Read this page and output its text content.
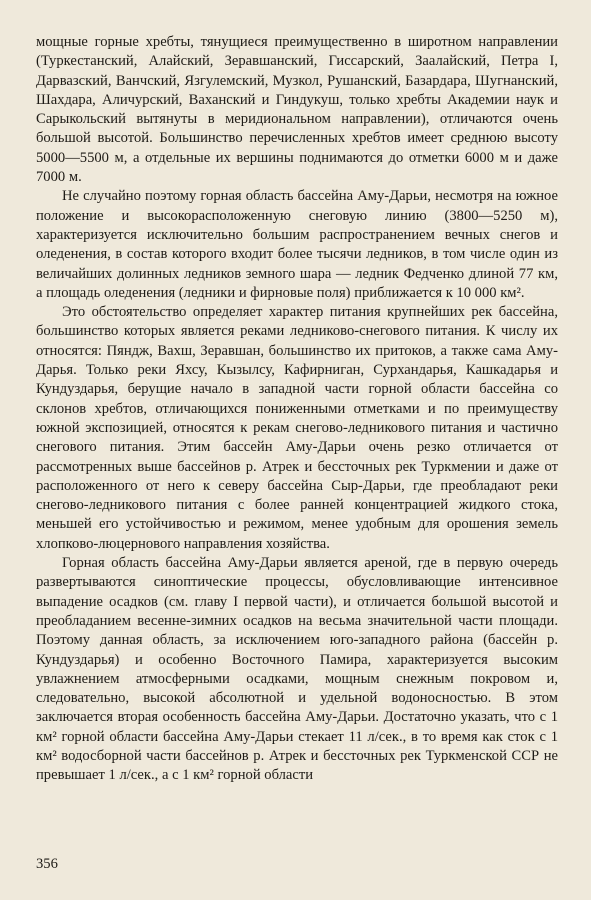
мощные горные хребты, тянущиеся преимущественно в широтном направлении (Туркестанский, Алайский, Зеравшанский, Гиссарский, Заалайский, Петра I, Дарвазский, Ванчский, Язгулемский, Музкол, Рушанский, Базардара, Шугнанский, Шахдара, Аличурский, Ваханский и Гиндукуш, только хребты Академии наук и Сарыкольский вытянуты в меридиональном направлении), отличаются очень большой высотой. Большинство перечисленных хребтов имеет среднюю высоту 5000—5500 м, а отдельные их вершины поднимаются до отметки 6000 м и даже 7000 м.

Не случайно поэтому горная область бассейна Аму-Дарьи, несмотря на южное положение и высокорасположенную снеговую линию (3800—5250 м), характеризуется исключительно большим распространением вечных снегов и оледенения, в состав которого входит более тысячи ледников, в том числе один из величайших долинных ледников земного шара — ледник Федченко длиной 77 км, а площадь оледенения (ледники и фирновые поля) приближается к 10 000 км².

Это обстоятельство определяет характер питания крупнейших рек бассейна, большинство которых является реками ледниково-снегового питания. К числу их относятся: Пяндж, Вахш, Зеравшан, большинство их притоков, а также сама Аму-Дарья. Только реки Яхсу, Кызылсу, Кафирниган, Сурхандарья, Кашкадарья и Кундуздарья, берущие начало в западной части горной области бассейна со склонов хребтов, отличающихся пониженными отметками и по преимуществу южной экспозицией, относятся к рекам снегово-ледникового питания и частично снегового питания. Этим бассейн Аму-Дарьи очень резко отличается от рассмотренных выше бассейнов р. Атрек и бессточных рек Туркмении и даже от расположенного от него к северу бассейна Сыр-Дарьи, где преобладают реки снегово-ледникового питания с более ранней концентрацией жидкого стока, меньшей его устойчивостью и режимом, менее удобным для орошения земель хлопково-люцернового направления хозяйства.

Горная область бассейна Аму-Дарьи является ареной, где в первую очередь развертываются синоптические процессы, обусловливающие интенсивное выпадение осадков (см. главу I первой части), и отличается большой высотой и преобладанием весенне-зимних осадков на весьма значительной части площади. Поэтому данная область, за исключением юго-западного района (бассейн р. Кундуздарья) и особенно Восточного Памира, характеризуется высоким увлажнением атмосферными осадками, мощным снежным покровом и, следовательно, высокой абсолютной и удельной водоносностью. В этом заключается вторая особенность бассейна Аму-Дарьи. Достаточно указать, что с 1 км² горной области бассейна Аму-Дарьи стекает 11 л/сек., в то время как сток с 1 км² водосборной части бассейнов р. Атрек и бессточных рек Туркменской ССР не превышает 1 л/сек., а с 1 км² горной области

356
